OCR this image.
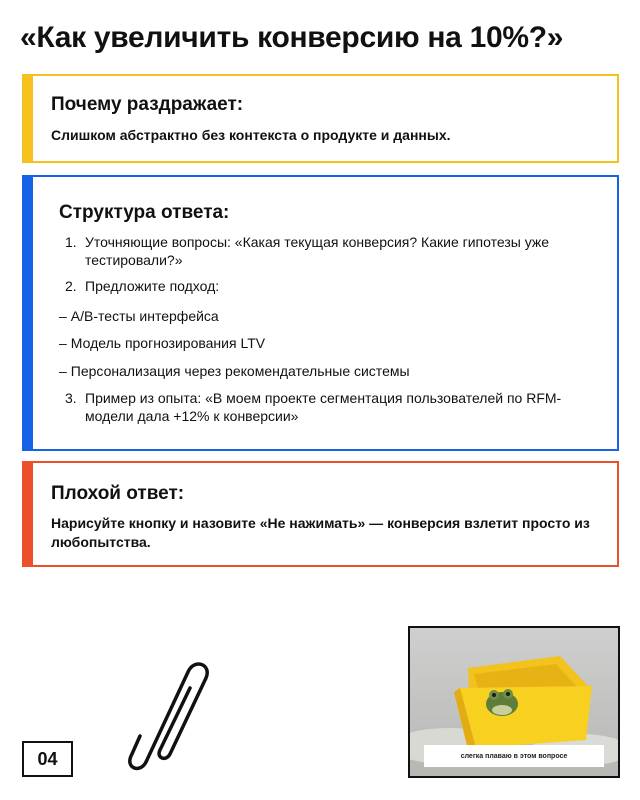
«Как увеличить конверсию на 10%?»
Почему раздражает:

Слишком абстрактно без контекста о продукте и данных.

Структура ответа:
1. Уточняющие вопросы: «Какая текущая конверсия? Какие гипотезы уже тестировали?»
2. Предложите подход:
– A/B-тесты интерфейса
– Модель прогнозирования LTV
– Персонализация через рекомендательные системы
3. Пример из опыта: «В моем проекте сегментация пользователей по RFM-модели дала +12% к конверсии»
Плохой ответ:

Нарисуйте кнопку и назовите «Не нажимать» — конверсия взлетит просто из любопытства.

04	слегка плаваю в этом вопросе
